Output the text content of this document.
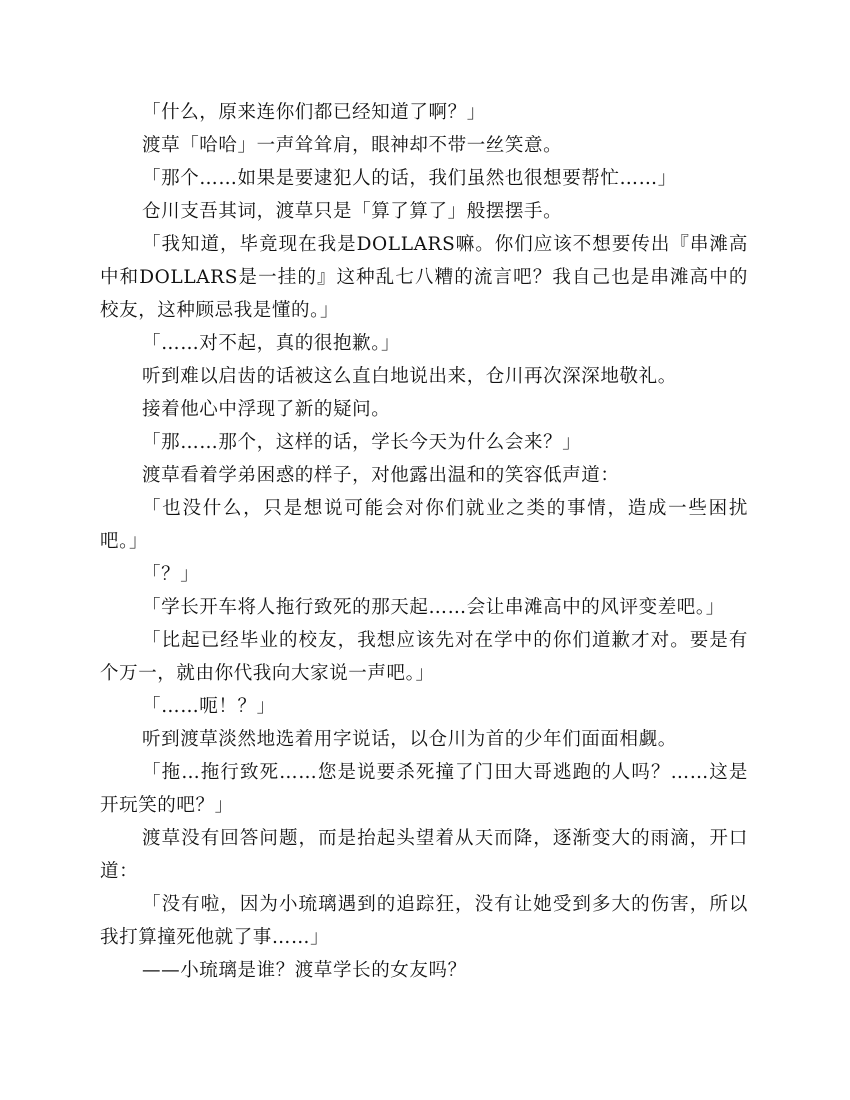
「什么，原来连你们都已经知道了啊？」

渡草「哈哈」一声耸耸肩，眼神却不带一丝笑意。

「那个……如果是要逮犯人的话，我们虽然也很想要帮忙……」

仓川支吾其词，渡草只是「算了算了」般摆摆手。

「我知道，毕竟现在我是DOLLARS嘛。你们应该不想要传出『串滩高中和DOLLARS是一挂的』这种乱七八糟的流言吧？我自己也是串滩高中的校友，这种顾忌我是懂的。」

「……对不起，真的很抱歉。」

听到难以启齿的话被这么直白地说出来，仓川再次深深地敬礼。

接着他心中浮现了新的疑问。

「那……那个，这样的话，学长今天为什么会来？」

渡草看着学弟困惑的样子，对他露出温和的笑容低声道：

「也没什么，只是想说可能会对你们就业之类的事情，造成一些困扰吧。」

「？」

「学长开车将人拖行致死的那天起……会让串滩高中的风评变差吧。」

「比起已经毕业的校友，我想应该先对在学中的你们道歉才对。要是有个万一，就由你代我向大家说一声吧。」

「……呃！？」

听到渡草淡然地选着用字说话，以仓川为首的少年们面面相觑。

「拖…拖行致死……您是说要杀死撞了门田大哥逃跑的人吗？……这是开玩笑的吧？」

渡草没有回答问题，而是抬起头望着从天而降，逐渐变大的雨滴，开口道：

「没有啦，因为小琉璃遇到的追踪狂，没有让她受到多大的伤害，所以我打算撞死他就了事……」

——小琉璃是谁？渡草学长的女友吗？
